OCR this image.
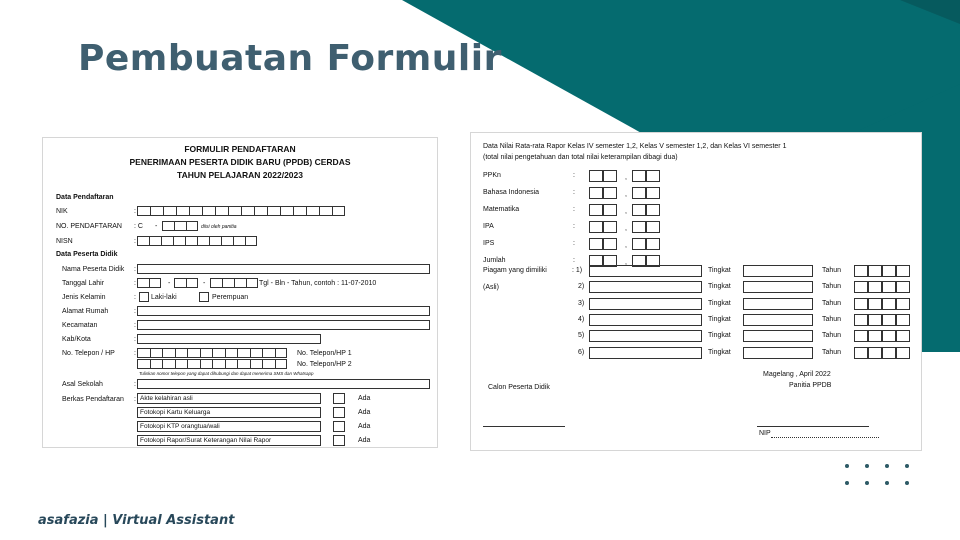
Pembuatan Formulir
asafazia | Virtual Assistant
FORMULIR PENDAFTARAN
PENERIMAAN PESERTA DIDIK BARU (PPDB) CERDAS
TAHUN PELAJARAN 2022/2023
Data Pendaftaran
NIK	:
NO. PENDAFTARAN : C -	diisi oleh panitia
NISN	:
Data Peserta Didik
Nama Peserta Didik :
Tanggal Lahir	:	-	-	Tgl - Bln - Tahun, contoh : 11-07-2010
Jenis Kelamin	: Laki-laki	Perempuan
Alamat Rumah	:
Kecamatan	:
Kab/Kota	:
No. Telepon / HP	:	No. Telepon/HP 1
No. Telepon/HP 2
Tuliskan nomor telepon yang dapat dihubungi dan dapat menerima SMS dan Whatsapp
Asal Sekolah	:
Berkas Pendaftaran : Akte kelahiran asli	Ada
Fotokopi Kartu Keluarga	Ada
Fotokopi KTP orangtua/wali	Ada
Fotokopi Rapor/Surat Keterangan Nilai Rapor	Ada
Data Nilai Rata-rata Rapor Kelas IV semester 1,2, Kelas V semester 1,2, dan Kelas VI semester 1
(total nilai pengetahuan dan total nilai keterampilan dibagi dua)
PPKn	:	,
Bahasa Indonesia	:	,
Matematika	:	,
IPA	:	,
IPS	:	,
Jumlah	:	,
Piagam yang dimiliki
(Asli)
: 1)	Tingkat	Tahun
2)	Tingkat	Tahun
3)	Tingkat	Tahun
4)	Tingkat	Tahun
5)	Tingkat	Tahun
6)	Tingkat	Tahun
Magelang , April 2022
Panitia PPDB
Calon Peserta Didik
NIP
